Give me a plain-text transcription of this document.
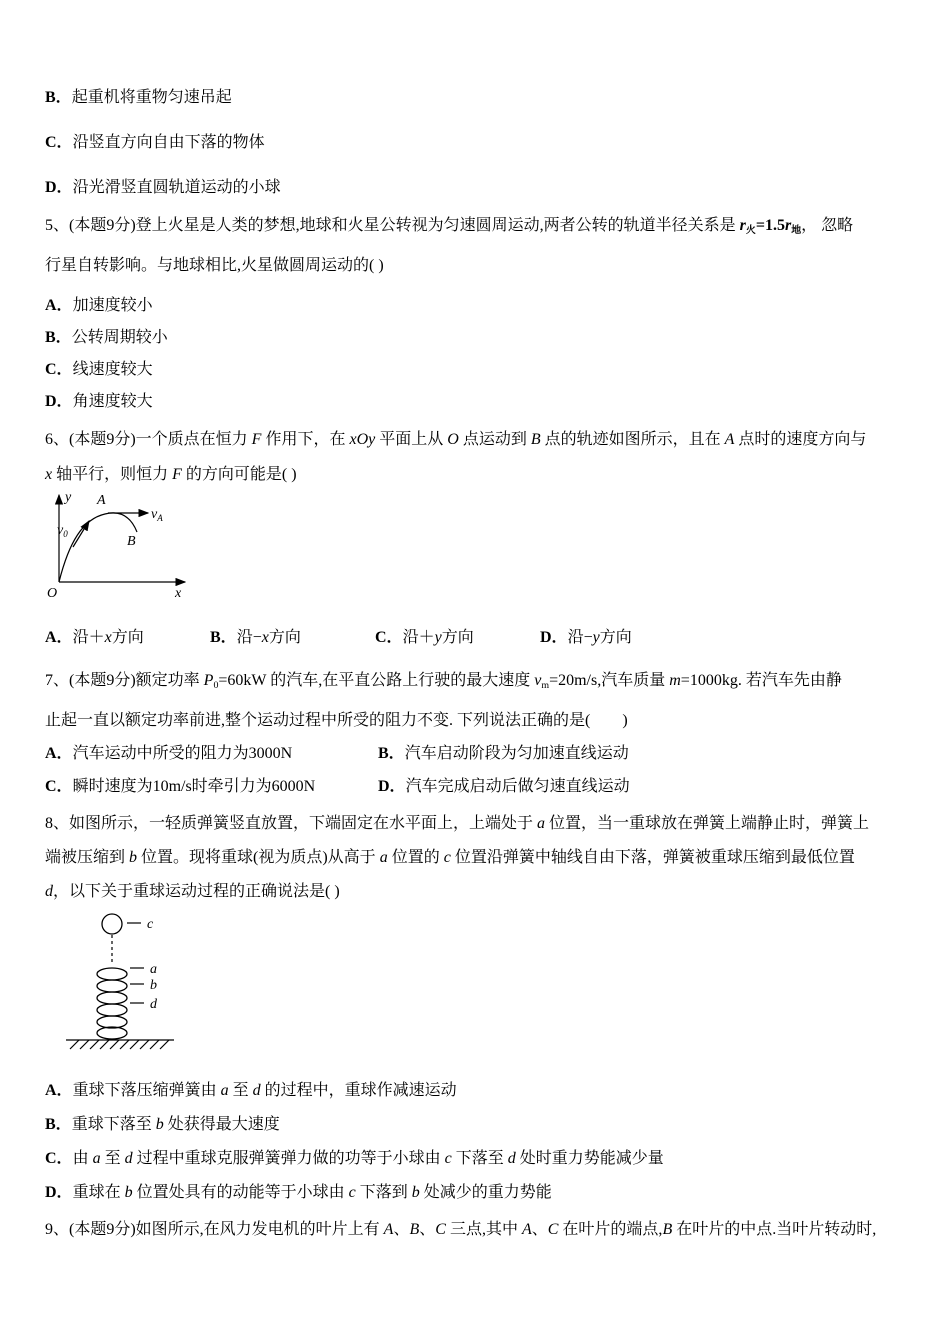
B．起重机将重物匀速吊起
C．沿竖直方向自由下落的物体
D．沿光滑竖直圆轨道运动的小球
5、(本题9分)登上火星是人类的梦想,地球和火星公转视为匀速圆周运动,两者公转的轨道半径关系是 $r_火=1.5r_地$， 忽略
行星自转影响。与地球相比,火星做圆周运动的( )
A．加速度较小
B．公转周期较小
C．线速度较大
D．角速度较大
6、(本题9分)一个质点在恒力 F 作用下，在 xOy 平面上从 O 点运动到 B 点的轨迹如图所示，且在 A 点时的速度方向与
x 轴平行，则恒力 F 的方向可能是( )
y
x
O
A
B
$v_0$
$v_A$
A．沿＋x方向	B．沿−x方向	C．沿＋y方向	D．沿−y方向
7、(本题9分)额定功率 $P_0=60kW$ 的汽车,在平直公路上行驶的最大速度 $v_m=20m/s$,汽车质量 m=1000kg. 若汽车先由静
止起一直以额定功率前进,整个运动过程中所受的阻力不变. 下列说法正确的是(　　)
A．汽车运动中所受的阻力为3000N	B．汽车启动阶段为匀加速直线运动
C．瞬时速度为10m/s时牵引力为6000N	D．汽车完成启动后做匀速直线运动
8、如图所示，一轻质弹簧竖直放置，下端固定在水平面上，上端处于 a 位置，当一重球放在弹簧上端静止时，弹簧上
端被压缩到 b 位置。现将重球(视为质点)从高于 a 位置的 c 位置沿弹簧中轴线自由下落，弹簧被重球压缩到最低位置
d，以下关于重球运动过程的正确说法是( )
c
a
b
d
A．重球下落压缩弹簧由 a 至 d 的过程中，重球作减速运动
B．重球下落至 b 处获得最大速度
C．由 a 至 d 过程中重球克服弹簧弹力做的功等于小球由 c 下落至 d 处时重力势能减少量
D．重球在 b 位置处具有的动能等于小球由 c 下落到 b 处减少的重力势能
9、(本题9分)如图所示,在风力发电机的叶片上有 A、B、C 三点,其中 A、C 在叶片的端点,B 在叶片的中点.当叶片转动时,
